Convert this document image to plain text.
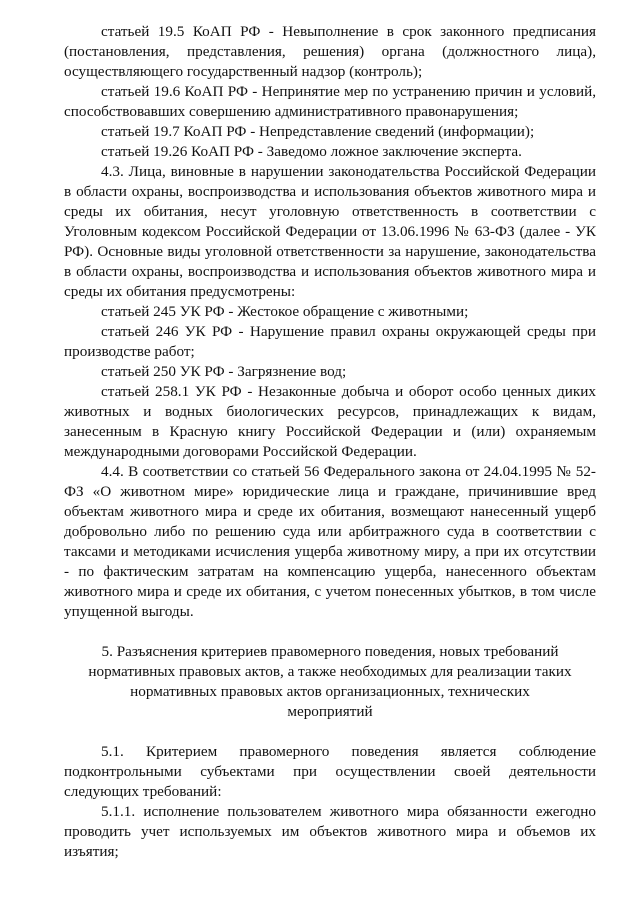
статьей 19.5 КоАП РФ - Невыполнение в срок законного предписания (постановления, представления, решения) органа (должностного лица), осуществляющего государственный надзор (контроль);

статьей 19.6 КоАП РФ - Непринятие мер по устранению причин и условий, способствовавших совершению административного правонарушения;

статьей 19.7 КоАП РФ - Непредставление сведений (информации);

статьей 19.26 КоАП РФ - Заведомо ложное заключение эксперта.

4.3. Лица, виновные в нарушении законодательства Российской Федерации в области охраны, воспроизводства и использования объектов животного мира и среды их обитания, несут уголовную ответственность в соответствии с Уголовным кодексом Российской Федерации от 13.06.1996 № 63-ФЗ (далее - УК РФ). Основные виды уголовной ответственности за нарушение, законодательства в области охраны, воспроизводства и использования объектов животного мира и среды их обитания предусмотрены:

статьей 245 УК РФ - Жестокое обращение с животными;

статьей 246 УК РФ - Нарушение правил охраны окружающей среды при производстве работ;

статьей 250 УК РФ - Загрязнение вод;

статьей 258.1 УК РФ - Незаконные добыча и оборот особо ценных диких животных и водных биологических ресурсов, принадлежащих к видам, занесенным в Красную книгу Российской Федерации и (или) охраняемым международными договорами Российской Федерации.

4.4. В соответствии со статьей 56 Федерального закона от 24.04.1995 № 52-ФЗ «О животном мире» юридические лица и граждане, причинившие вред объектам животного мира и среде их обитания, возмещают нанесенный ущерб добровольно либо по решению суда или арбитражного суда в соответствии с таксами и методиками исчисления ущерба животному миру, а при их отсутствии - по фактическим затратам на компенсацию ущерба, нанесенного объектам животного мира и среде их обитания, с учетом понесенных убытков, в том числе упущенной выгоды.

5. Разъяснения критериев правомерного поведения, новых требований нормативных правовых актов, а также необходимых для реализации таких нормативных правовых актов организационных, технических мероприятий

5.1. Критерием правомерного поведения является соблюдение подконтрольными субъектами при осуществлении своей деятельности следующих требований:

5.1.1. исполнение пользователем животного мира обязанности ежегодно проводить учет используемых им объектов животного мира и объемов их изъятия;
